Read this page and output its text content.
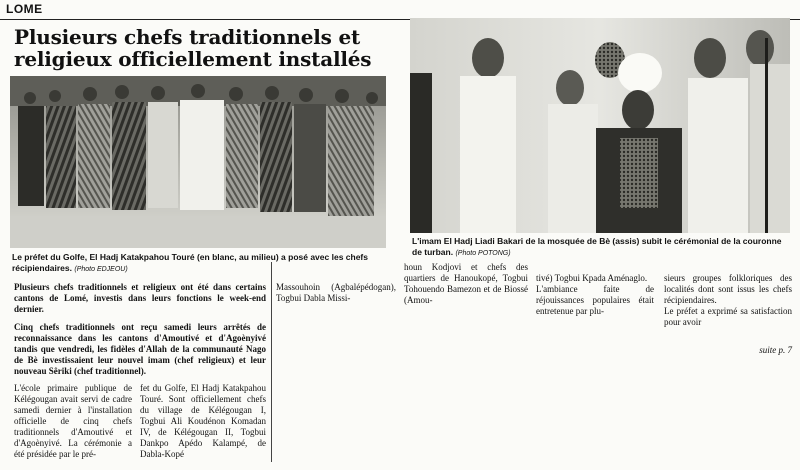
LOME
Plusieurs chefs traditionnels et religieux officiellement installés
Le préfet du Golfe, El Hadj Katakpahou Touré (en blanc, au milieu) a posé avec les chefs récipiendaires. (Photo EDJEOU)
L'imam El Hadj Liadi Bakari de la mosquée de Bè (assis) subit le cérémonial de la couronne de turban. (Photo POTONG)

Plusieurs chefs traditionnels et religieux ont été dans certains cantons de Lomé, investis dans leurs fonctions le week-end dernier.

Cinq chefs traditionnels ont reçu samedi leurs arrêtés de reconnaissance dans les cantons d'Amoutivé et d'Agoènyivé tandis que vendredi, les fidèles d'Allah de la communauté Nago de Bè investissaient leur nouvel imam (chef religieux) et leur nouveau Sêriki (chef traditionnel).

L'école primaire publique de Kélégougan avait servi de cadre samedi dernier à l'installation officielle de cinq chefs traditionnels d'Amoutivé et d'Agoènyivé. La cérémonie a été présidée par le pré-

fet du Golfe, El Hadj Katakpahou Touré. Sont officiellement chefs du village de Kélégougan I, Togbui Ali Koudénon Komadan IV, de Kélégougan II, Togbui Dankpo Apédo Kalampé, de Dabla-Kopé

Massouhoin (Agbalépédogan), Togbui Dabla Missi-

houn Kodjovi et chefs des quartiers de Hanoukopé, Togbui Tohouendo Bamezon et de Biossé (Amou-

tivé) Togbui Kpada Aménaglo.
L'ambiance faite de réjouissances populaires était entretenue par plu-

sieurs groupes folkloriques des localités dont sont issus les chefs récipiendaires.
Le préfet a exprimé sa satisfaction pour avoir

suite p. 7
